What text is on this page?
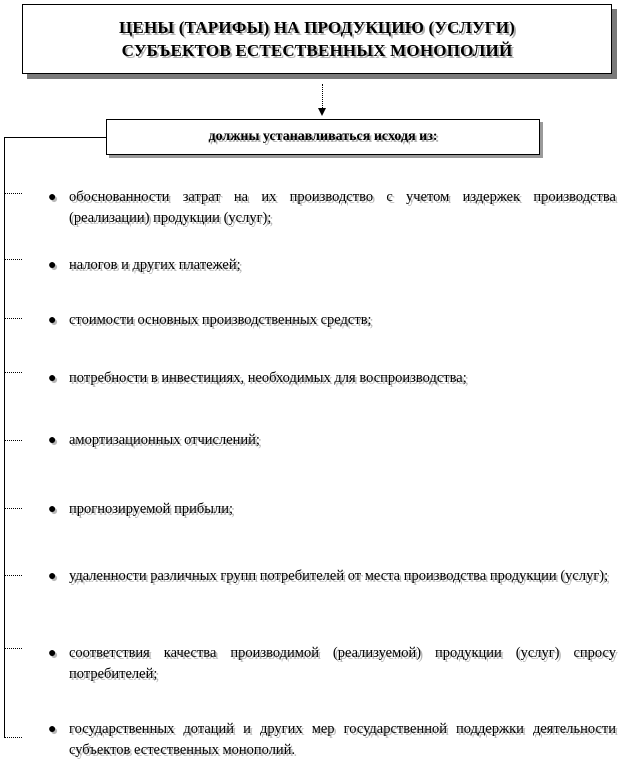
ЦЕНЫ (ТАРИФЫ) НА ПРОДУКЦИЮ (УСЛУГИ)
СУБЪЕКТОВ ЕСТЕСТВЕННЫХ МОНОПОЛИЙ
должны устанавливаться исходя из:
● обоснованности затрат на их производство с учетом издержек производства (реализации) продукции (услуг);
● налогов и других платежей;
● стоимости основных производственных средств;
● потребности в инвестициях, необходимых для воспроизводства;
● амортизационных отчислений;
● прогнозируемой прибыли;
● удаленности различных групп потребителей от места производства продукции (услуг);
● соответствия качества производимой (реализуемой) продукции (услуг) спросу потребителей;
● государственных дотаций и других мер государственной поддержки деятельности субъектов естественных монополий.
